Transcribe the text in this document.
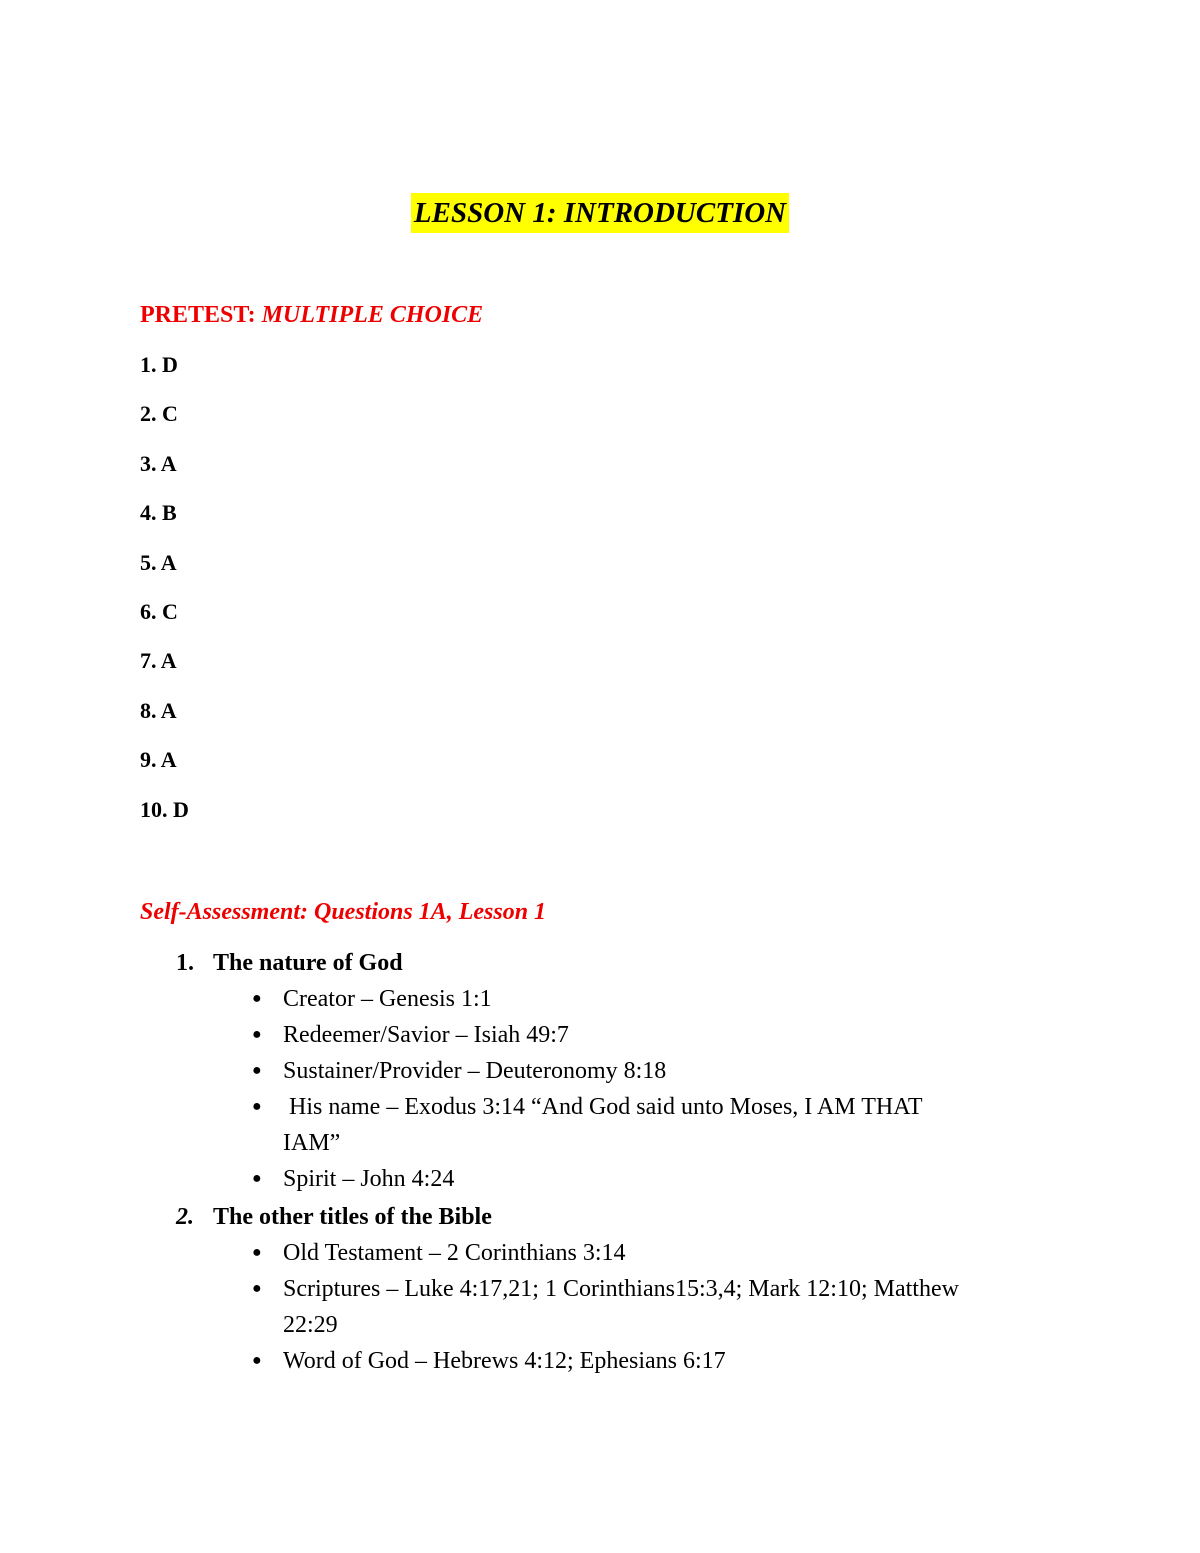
LESSON 1: INTRODUCTION
PRETEST: MULTIPLE CHOICE
1. D
2. C
3. A
4. B
5. A
6. C
7. A
8. A
9. A
10. D
Self-Assessment: Questions 1A, Lesson 1
1. The nature of God
● Creator – Genesis 1:1
● Redeemer/Savior – Isiah 49:7
● Sustainer/Provider – Deuteronomy 8:18
● His name – Exodus 3:14 “And God said unto Moses, I AM THAT IAM”
● Spirit – John 4:24
2. The other titles of the Bible
● Old Testament – 2 Corinthians 3:14
● Scriptures – Luke 4:17,21; 1 Corinthians15:3,4; Mark 12:10; Matthew 22:29
● Word of God – Hebrews 4:12; Ephesians 6:17
